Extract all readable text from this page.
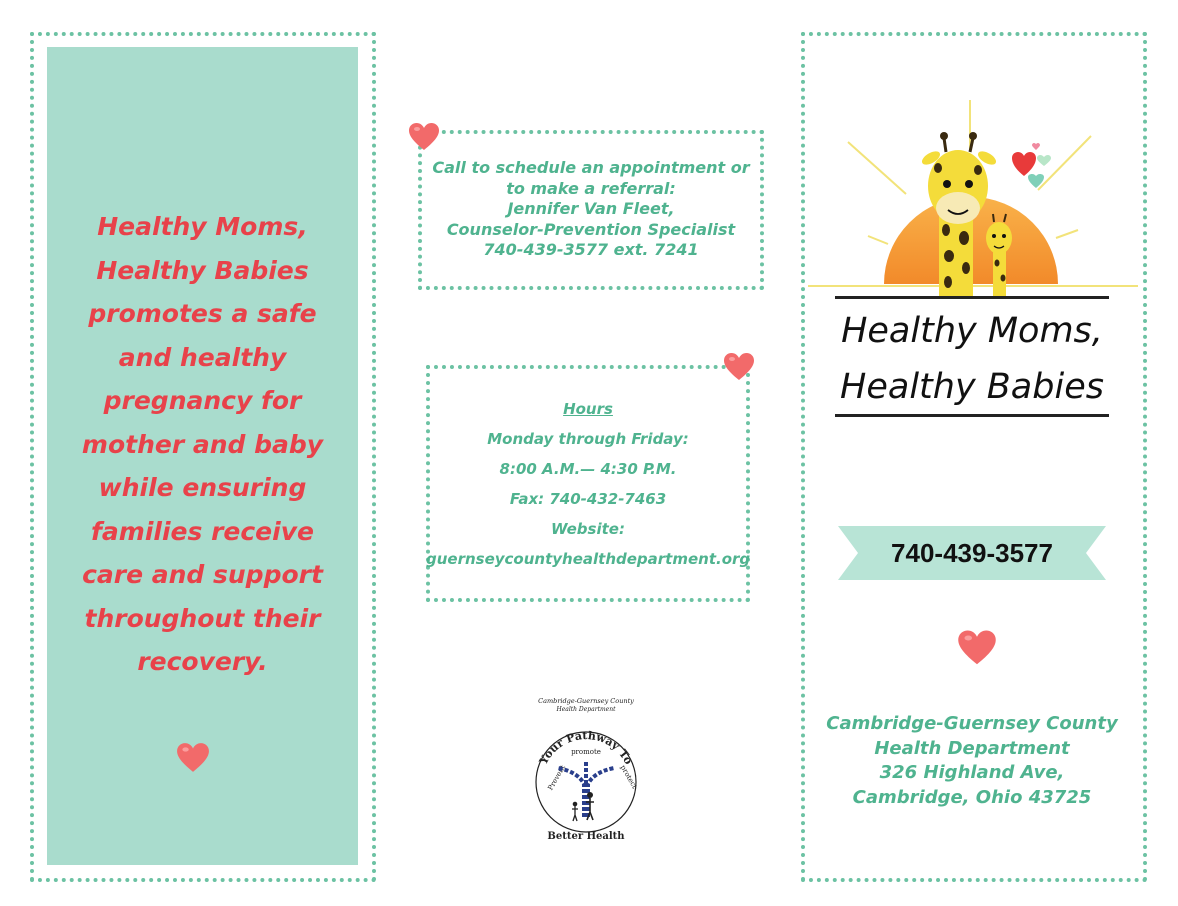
Healthy Moms,
Healthy Babies
promotes a safe
and healthy
pregnancy for
mother and baby
while ensuring
families receive
care and support
throughout their
recovery.
Call to schedule an appointment or
to make a referral:
Jennifer Van Fleet,
Counselor-Prevention Specialist
740-439-3577 ext. 7241
Hours
Monday through Friday:
8:00 A.M.— 4:30 P.M.
Fax: 740-432-7463
Website:
guernseycountyhealthdepartment.org
Cambridge-Guernsey County
Health Department
Your Pathway To
Prevent
promote
protect
Better Health
Healthy Moms,
Healthy Babies
740-439-3577
Cambridge-Guernsey County
Health Department
326 Highland Ave,
Cambridge, Ohio 43725
